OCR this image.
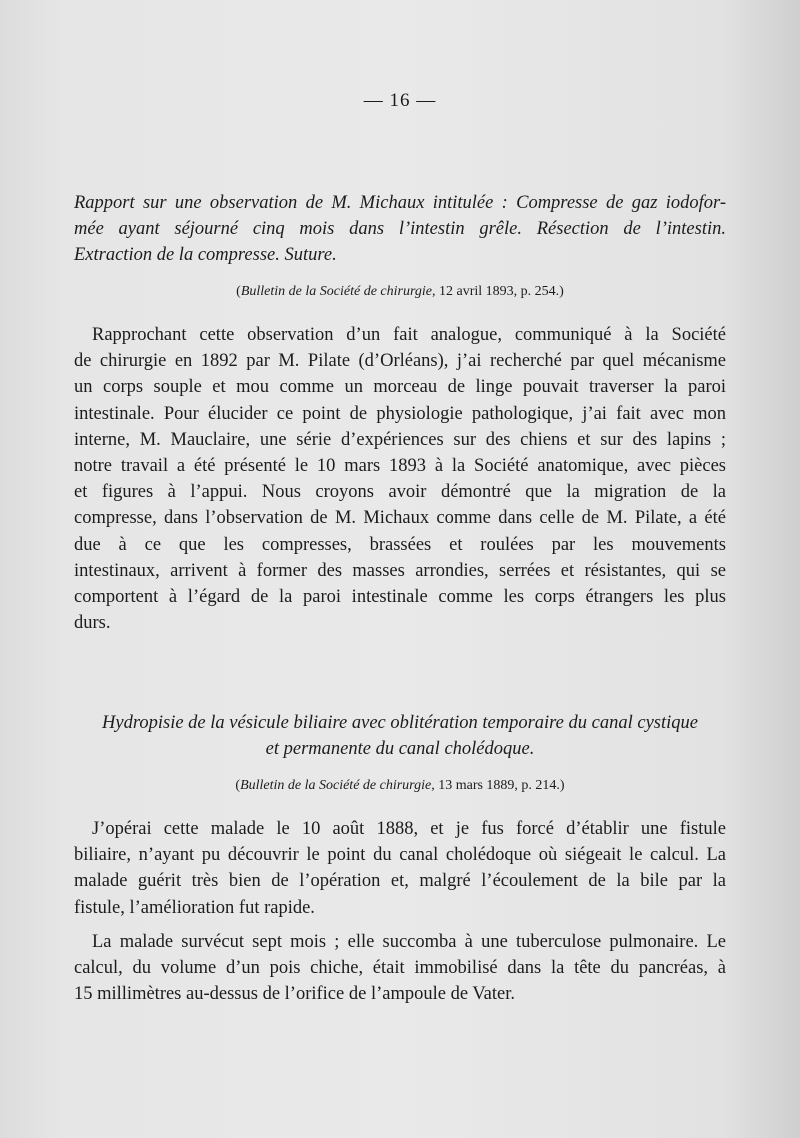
— 16 —

Rapport sur une observation de M. Michaux intitulée : Compresse de gaz iodofor-
mée ayant séjourné cinq mois dans l’intestin grêle. Résection de l’intestin.
Extraction de la compresse. Suture.

(Bulletin de la Société de chirurgie, 12 avril 1893, p. 254.)

Rapprochant cette observation d’un fait analogue, communiqué à la Société
de chirurgie en 1892 par M. Pilate (d’Orléans), j’ai recherché par quel mécanisme
un corps souple et mou comme un morceau de linge pouvait traverser la paroi
intestinale. Pour élucider ce point de physiologie pathologique, j’ai fait avec mon
interne, M. Mauclaire, une série d’expériences sur des chiens et sur des lapins ;
notre travail a été présenté le 10 mars 1893 à la Société anatomique, avec pièces
et figures à l’appui. Nous croyons avoir démontré que la migration de la
compresse, dans l’observation de M. Michaux comme dans celle de M. Pilate, a été
due à ce que les compresses, brassées et roulées par les mouvements
intestinaux, arrivent à former des masses arrondies, serrées et résistantes, qui se
comportent à l’égard de la paroi intestinale comme les corps étrangers les plus
durs.

Hydropisie de la vésicule biliaire avec oblitération temporaire du canal cystique
et permanente du canal cholédoque.

(Bulletin de la Société de chirurgie, 13 mars 1889, p. 214.)

J’opérai cette malade le 10 août 1888, et je fus forcé d’établir une fistule
biliaire, n’ayant pu découvrir le point du canal cholédoque où siégeait le calcul. La
malade guérit très bien de l’opération et, malgré l’écoulement de la bile par la
fistule, l’amélioration fut rapide.

La malade survécut sept mois ; elle succomba à une tuberculose pulmonaire. Le
calcul, du volume d’un pois chiche, était immobilisé dans la tête du pancréas, à
15 millimètres au-dessus de l’orifice de l’ampoule de Vater.
